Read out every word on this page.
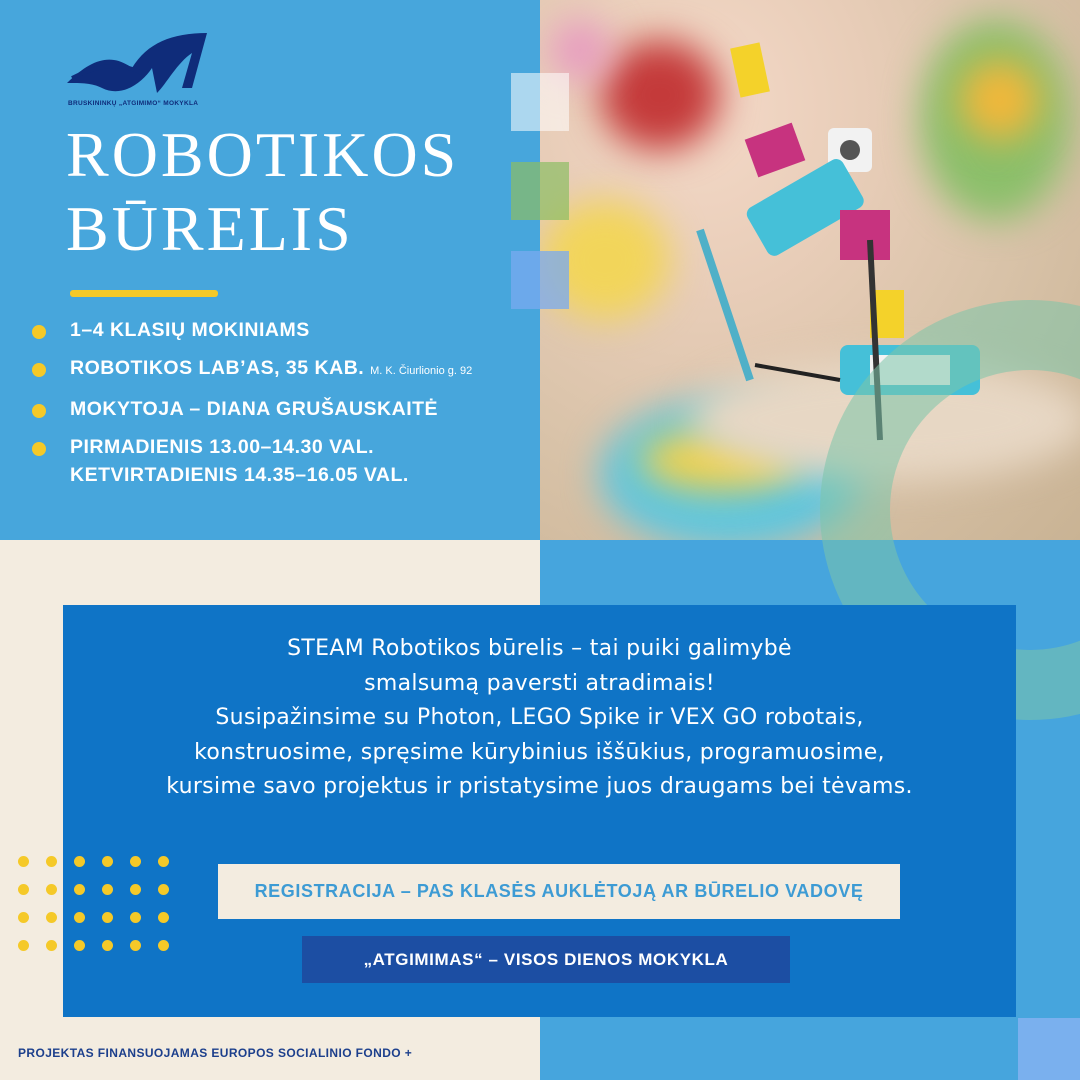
BRUSKININKŲ „ATGIMIMO“ MOKYKLA
ROBOTIKOS
BŪRELIS
1–4 KLASIŲ MOKINIAMS
ROBOTIKOS LAB’AS, 35 KAB. M. K. Čiurlionio g. 92
MOKYTOJA – DIANA GRUŠAUSKAITĖ
PIRMADIENIS 13.00–14.30 VAL.
KETVIRTADIENIS 14.35–16.05 VAL.
STEAM Robotikos būrelis – tai puiki galimybė
smalsumą paversti atradimais!
Susipažinsime su Photon, LEGO Spike ir VEX GO robotais,
konstruosime, spręsime kūrybinius iššūkius, programuosime,
kursime savo projektus ir pristatysime juos draugams bei tėvams.
REGISTRACIJA – PAS KLASĖS AUKLĖTOJĄ AR BŪRELIO VADOVĘ
„ATGIMIMAS“ – VISOS DIENOS MOKYKLA
PROJEKTAS FINANSUOJAMAS EUROPOS SOCIALINIO FONDO +
